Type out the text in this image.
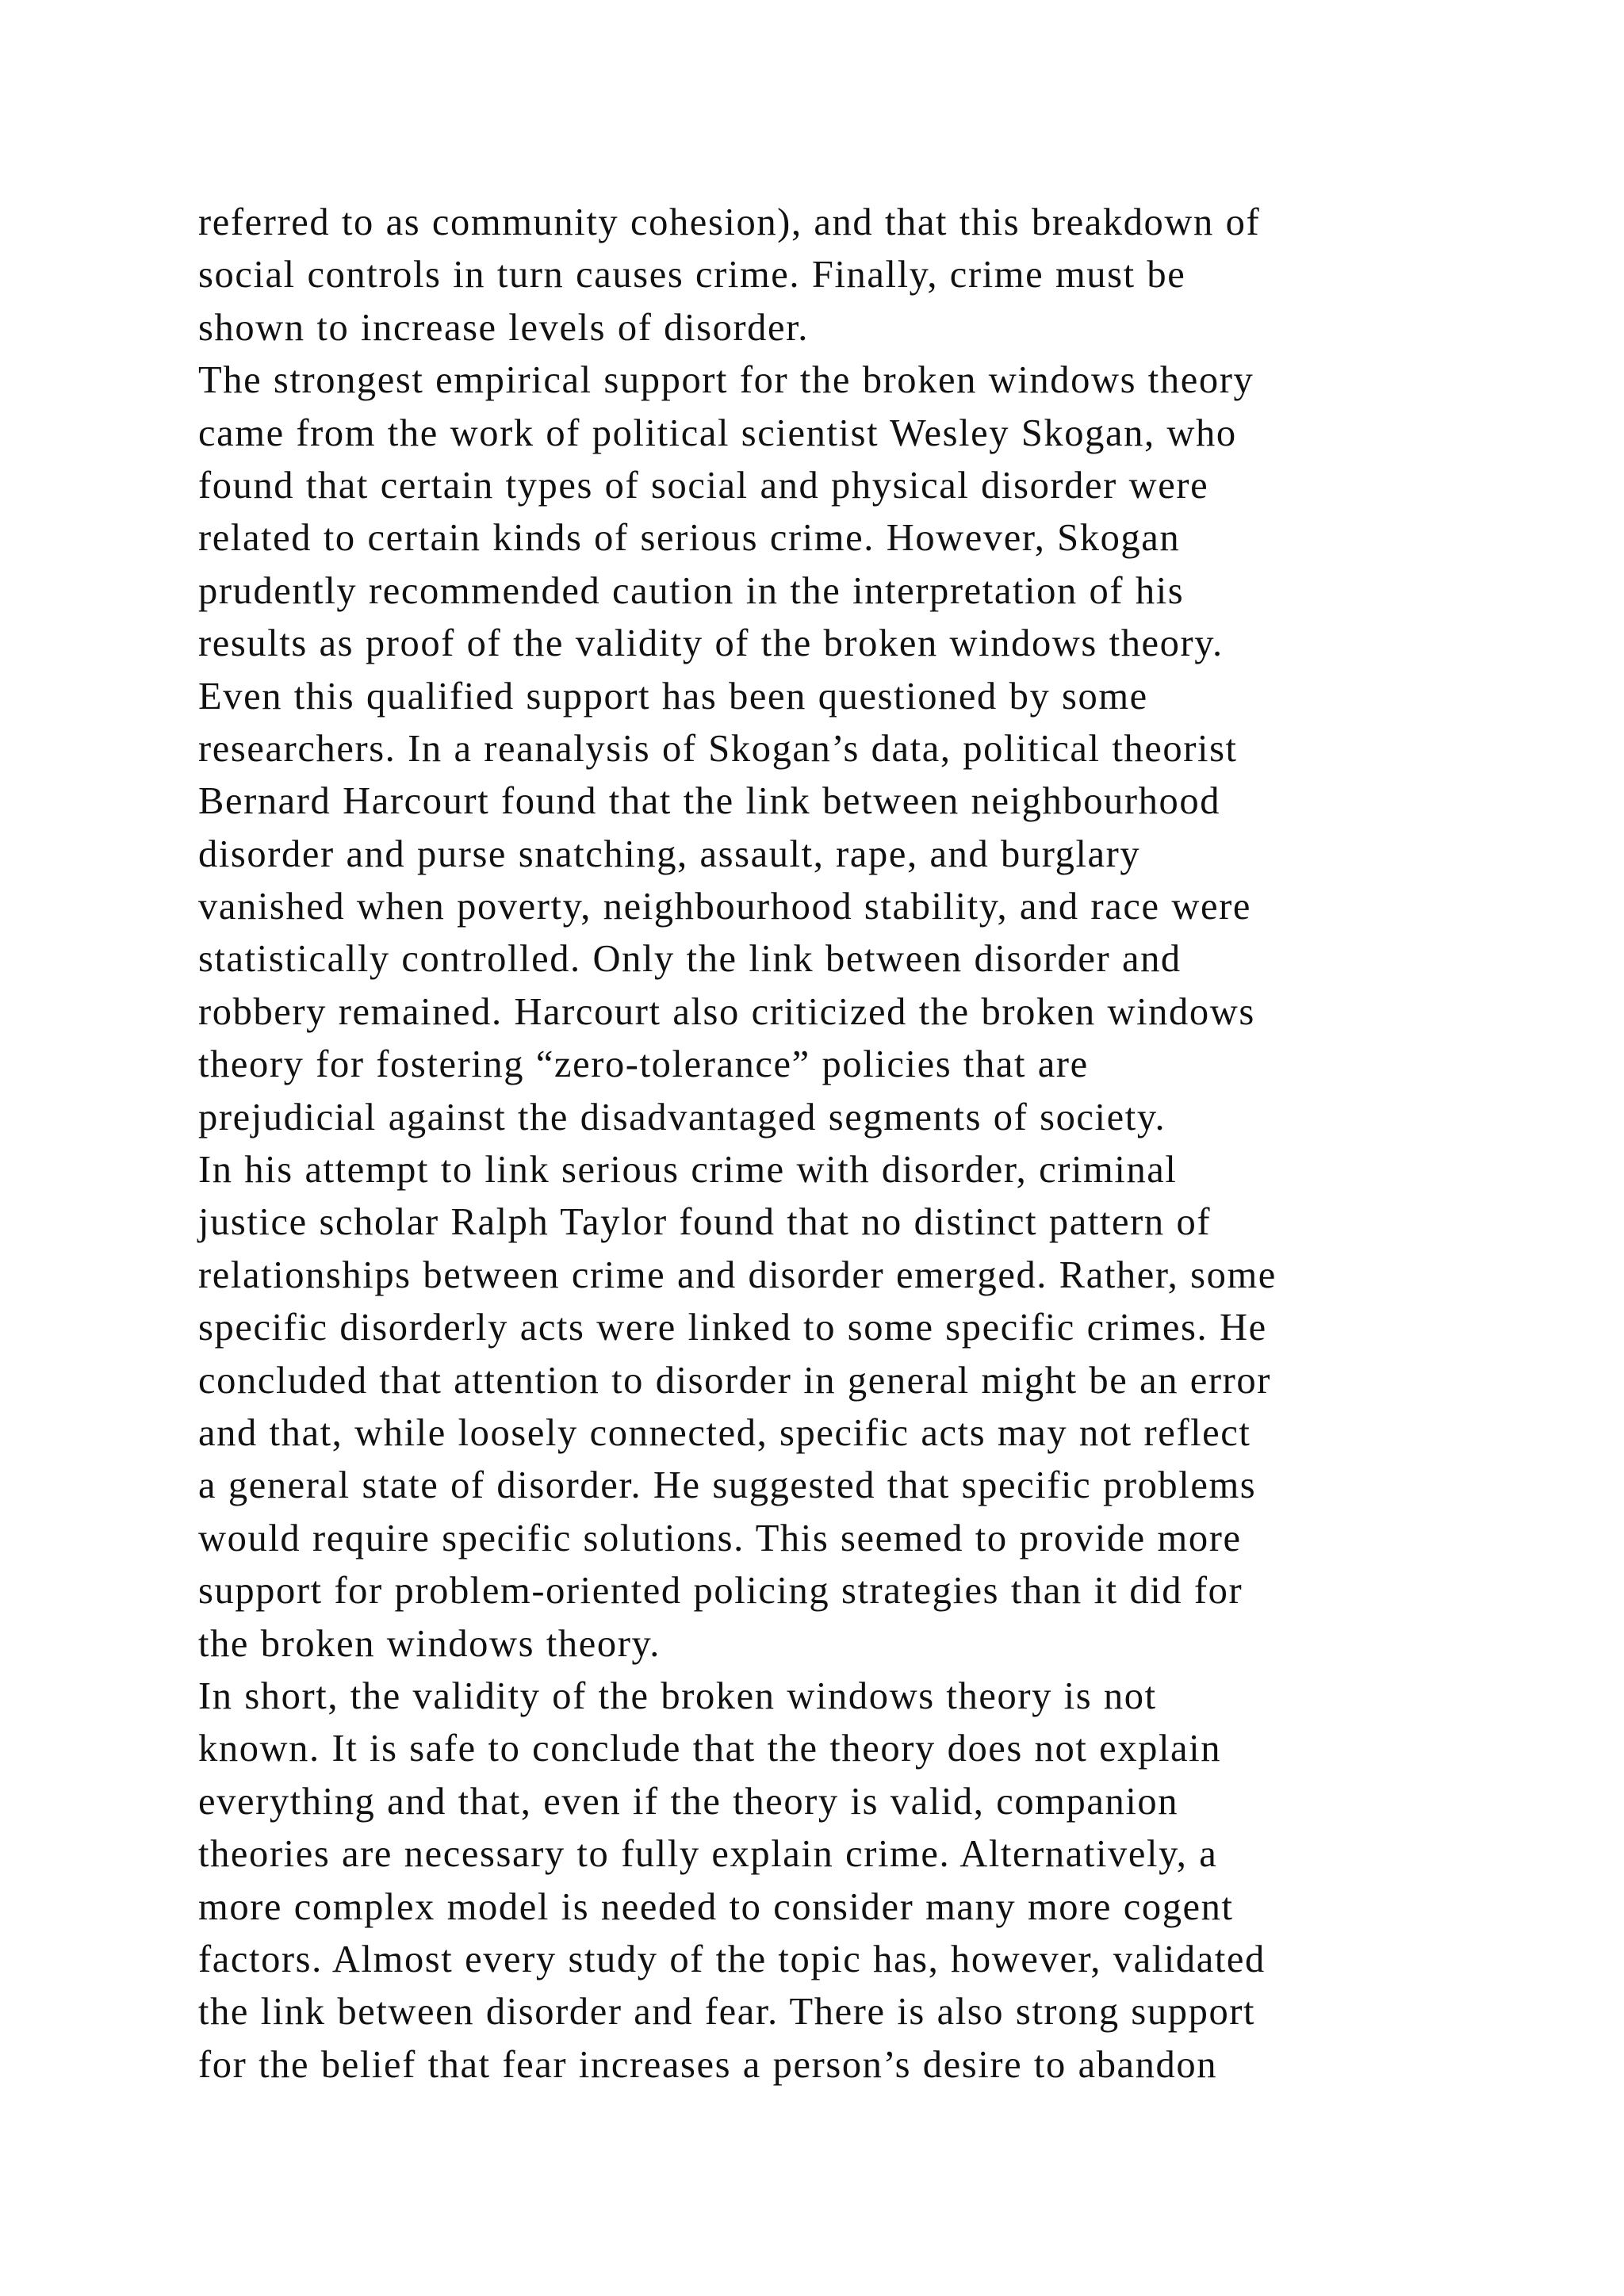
referred to as community cohesion), and that this breakdown of
social controls in turn causes crime. Finally, crime must be
shown to increase levels of disorder.
The strongest empirical support for the broken windows theory
came from the work of political scientist Wesley Skogan, who
found that certain types of social and physical disorder were
related to certain kinds of serious crime. However, Skogan
prudently recommended caution in the interpretation of his
results as proof of the validity of the broken windows theory.
Even this qualified support has been questioned by some
researchers. In a reanalysis of Skogan’s data, political theorist
Bernard Harcourt found that the link between neighbourhood
disorder and purse snatching, assault, rape, and burglary
vanished when poverty, neighbourhood stability, and race were
statistically controlled. Only the link between disorder and
robbery remained. Harcourt also criticized the broken windows
theory for fostering “zero-tolerance” policies that are
prejudicial against the disadvantaged segments of society.
In his attempt to link serious crime with disorder, criminal
justice scholar Ralph Taylor found that no distinct pattern of
relationships between crime and disorder emerged. Rather, some
specific disorderly acts were linked to some specific crimes. He
concluded that attention to disorder in general might be an error
and that, while loosely connected, specific acts may not reflect
a general state of disorder. He suggested that specific problems
would require specific solutions. This seemed to provide more
support for problem-oriented policing strategies than it did for
the broken windows theory.
In short, the validity of the broken windows theory is not
known. It is safe to conclude that the theory does not explain
everything and that, even if the theory is valid, companion
theories are necessary to fully explain crime. Alternatively, a
more complex model is needed to consider many more cogent
factors. Almost every study of the topic has, however, validated
the link between disorder and fear. There is also strong support
for the belief that fear increases a person’s desire to abandon
